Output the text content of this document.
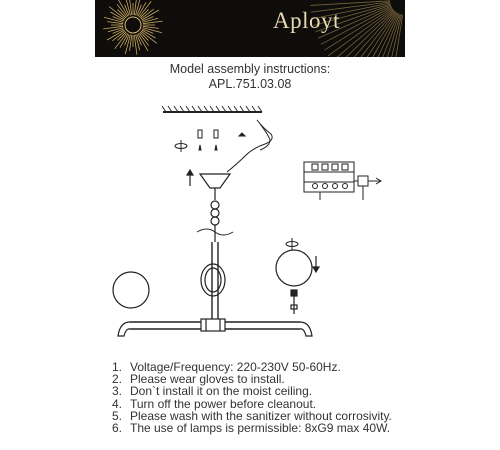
Aployt
Model assembly instructions:
APL.751.03.08
1. Voltage/Frequency: 220-230V 50-60Hz.
2. Please wear gloves to install.
3. Don`t install it on the moist ceiling.
4. Turn off the power before cleanout.
5. Please wash with the sanitizer without corrosivity.
6. The use of lamps is permissible: 8xG9 max 40W.
